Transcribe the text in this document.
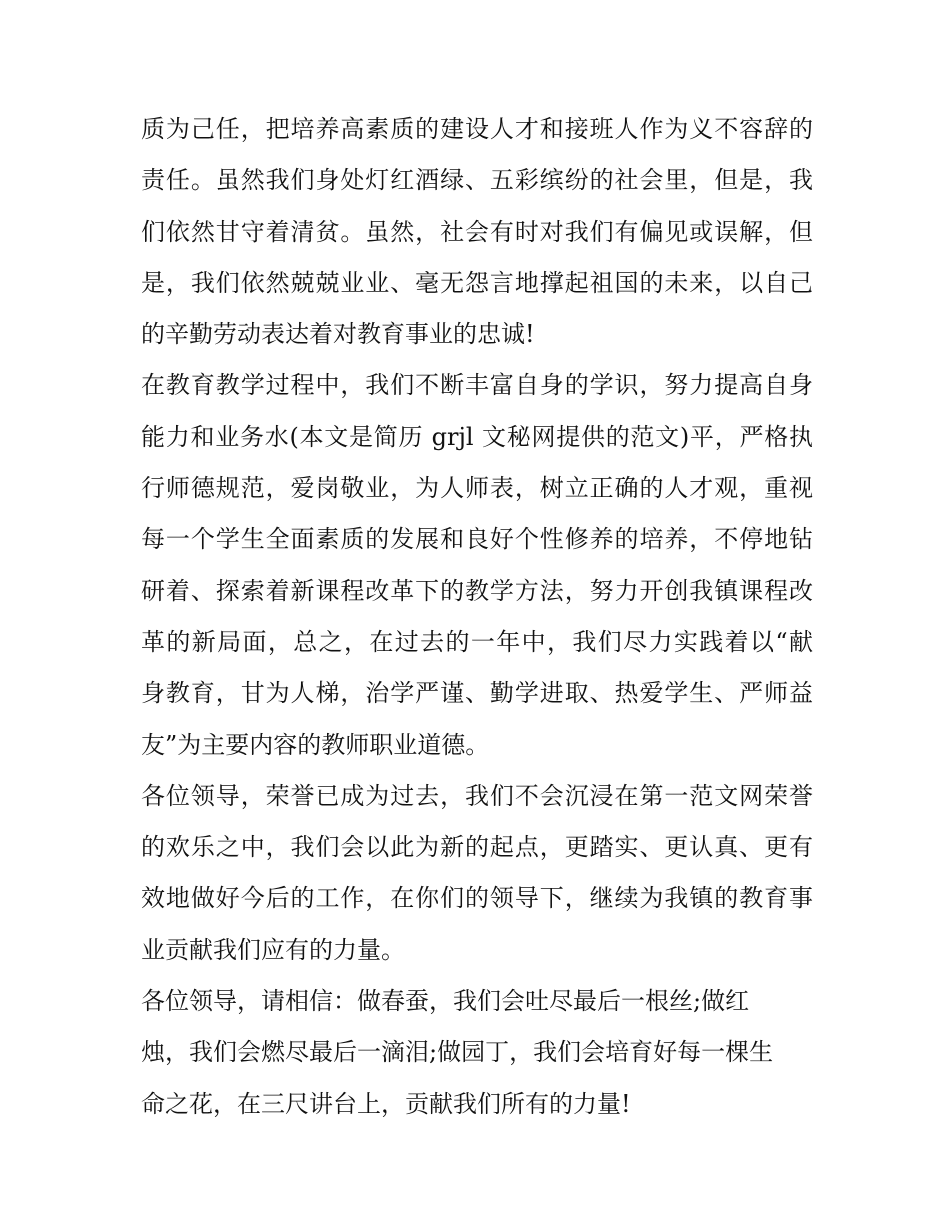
质为己任，把培养高素质的建设人才和接班人作为义不容辞的
责任。虽然我们身处灯红酒绿、五彩缤纷的社会里，但是，我
们依然甘守着清贫。虽然，社会有时对我们有偏见或误解，但
是，我们依然兢兢业业、毫无怨言地撑起祖国的未来，以自己
的辛勤劳动表达着对教育事业的忠诚!
在教育教学过程中，我们不断丰富自身的学识，努力提高自身
能力和业务水(本文是简历 grjl 文秘网提供的范文)平，严格执
行师德规范，爱岗敬业，为人师表，树立正确的人才观，重视
每一个学生全面素质的发展和良好个性修养的培养，不停地钻
研着、探索着新课程改革下的教学方法，努力开创我镇课程改
革的新局面，总之，在过去的一年中，我们尽力实践着以“献
身教育，甘为人梯，治学严谨、勤学进取、热爱学生、严师益
友”为主要内容的教师职业道德。
各位领导，荣誉已成为过去，我们不会沉浸在第一范文网荣誉
的欢乐之中，我们会以此为新的起点，更踏实、更认真、更有
效地做好今后的工作，在你们的领导下，继续为我镇的教育事
业贡献我们应有的力量。
各位领导，请相信：做春蚕，我们会吐尽最后一根丝;做红
烛，我们会燃尽最后一滴泪;做园丁，我们会培育好每一棵生
命之花，在三尺讲台上，贡献我们所有的力量!
